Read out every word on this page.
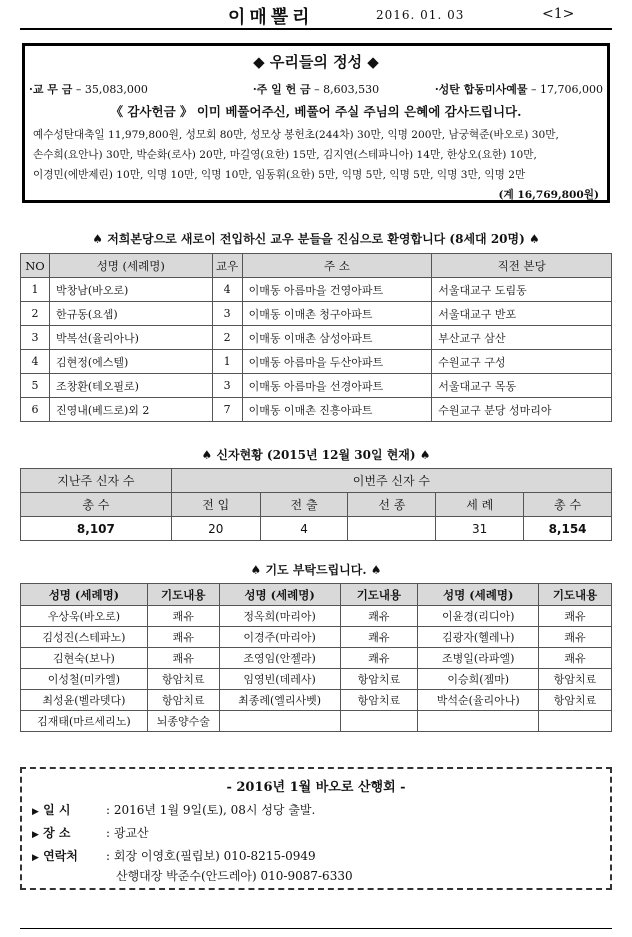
이매뽈리	2016. 01. 03	<1>
◆ 우리들의 정성 ◆
·교 무 금 – 35,083,000	·주 일 헌 금 – 8,603,530	·성탄 합동미사예물 – 17,706,000
《 감사헌금 》 이미 베풀어주신, 베풀어 주실 주님의 은혜에 감사드립니다.
예수성탄대축일 11,979,800원, 성모회 80만, 성모상 봉헌초(244차) 30만, 익명 200만, 남궁혁준(바오로) 30만,
손수희(요안나) 30만, 박순화(로사) 20만, 마길영(요한) 15만, 김지연(스테파니아) 14만, 한상오(요한) 10만,
이경민(에반제린) 10만, 익명 10만, 익명 10만, 임동휘(요한) 5만, 익명 5만, 익명 5만, 익명 3만, 익명 2만
(계 16,769,800원)
♠ 저희본당으로 새로이 전입하신 교우 분들을 진심으로 환영합니다 (8세대 20명) ♠
NO	성명 (세례명)	교우	주 소	직전 본당
1	박창남(바오로)	4	이매동 아름마을 건영아파트	서울대교구 도림동
2	한규동(요셉)	3	이매동 이매촌 청구아파트	서울대교구 반포
3	박복선(율리아나)	2	이매동 이매촌 삼성아파트	부산교구 삼산
4	김현정(에스텔)	1	이매동 아름마을 두산아파트	수원교구 구성
5	조창환(테오필로)	3	이매동 아름마을 선경아파트	서울대교구 목동
6	진영내(베드로)외 2	7	이매동 이매촌 진흥아파트	수원교구 분당 성마리아
♠ 신자현황 (2015년 12월 30일 현재) ♠
지난주 신자 수	이번주 신자 수				
총 수	전 입	전 출	선 종	세 례	총 수
8,107	20	4		31	8,154
♠ 기도 부탁드립니다. ♠
성명 (세례명)	기도내용	성명 (세례명)	기도내용	성명 (세례명)	기도내용
우상욱(바오로)	쾌유	정옥희(마리아)	쾌유	이윤경(리디아)	쾌유
김성진(스테파노)	쾌유	이경주(마리아)	쾌유	김광자(헬레나)	쾌유
김현숙(보나)	쾌유	조영임(안젤라)	쾌유	조병일(라파엘)	쾌유
이성철(미카엘)	항암치료	임영빈(데레사)	항암치료	이승희(젬마)	항암치료
최성윤(벨라뎃다)	항암치료	최종례(엘리사벳)	항암치료	박석순(율리아나)	항암치료
김재태(마르세리노)	뇌종양수술				
- 2016년 1월 바오로 산행회 -
▶ 일 시	: 2016년 1월 9일(토), 08시 성당 출발.
▶ 장 소	: 광교산
▶ 연락처 : 회장 이영호(필립보) 010-8215-0949
산행대장 박준수(안드레아) 010-9087-6330
